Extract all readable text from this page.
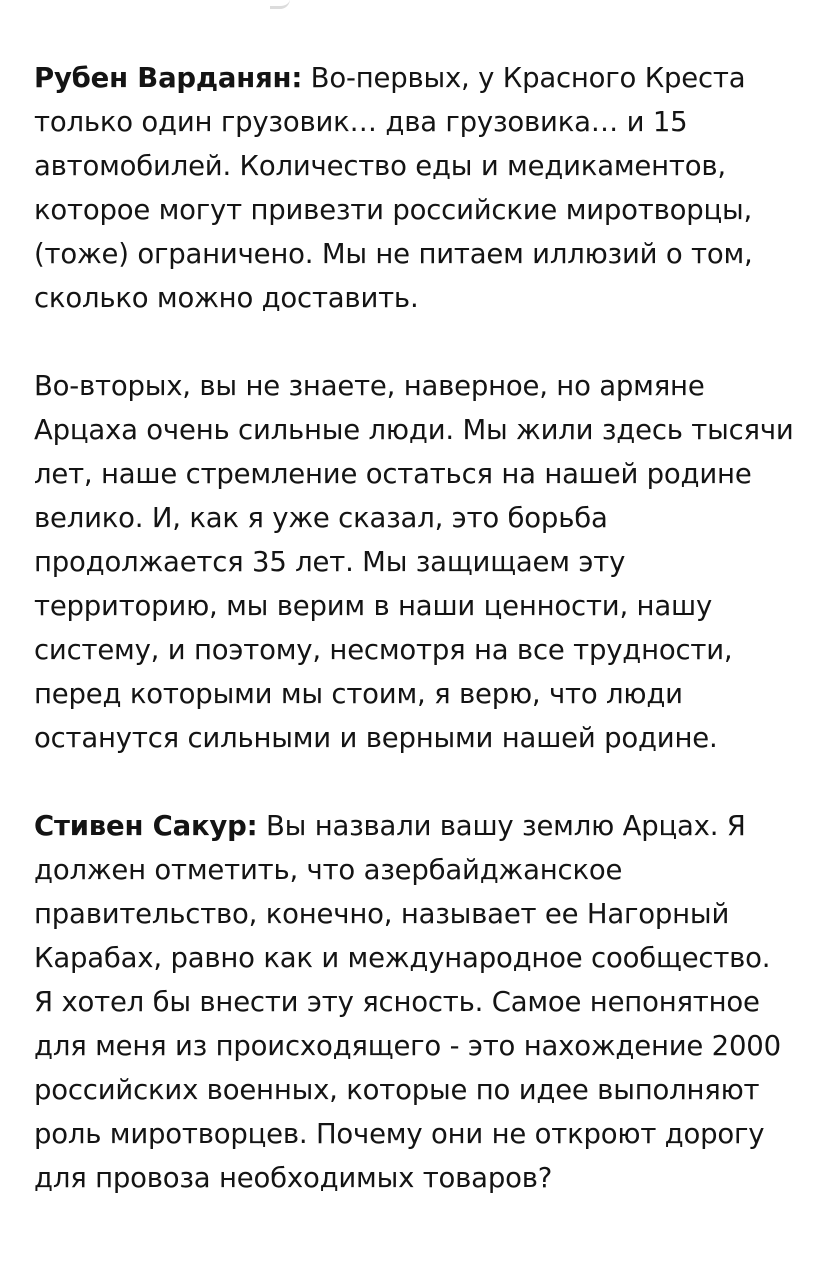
Рубен Варданян: Во-первых, у Красного Креста только один грузовик… два грузовика… и 15 автомобилей. Количество еды и медикаментов, которое могут привезти российские миротворцы, (тоже) ограничено. Мы не питаем иллюзий о том, сколько можно доставить.

Во-вторых, вы не знаете, наверное, но армяне Арцаха очень сильные люди. Мы жили здесь тысячи лет, наше стремление остаться на нашей родине велико. И, как я уже сказал, это борьба продолжается 35 лет. Мы защищаем эту территорию, мы верим в наши ценности, нашу систему, и поэтому, несмотря на все трудности, перед которыми мы стоим, я верю, что люди останутся сильными и верными нашей родине.

Стивен Сакур: Вы назвали вашу землю Арцах. Я должен отметить, что азербайджанское правительство, конечно, называет ее Нагорный Карабах, равно как и международное сообщество. Я хотел бы внести эту ясность. Самое непонятное для меня из происходящего - это нахождение 2000 российских военных, которые по идее выполняют роль миротворцев. Почему они не откроют дорогу для провоза необходимых товаров?
